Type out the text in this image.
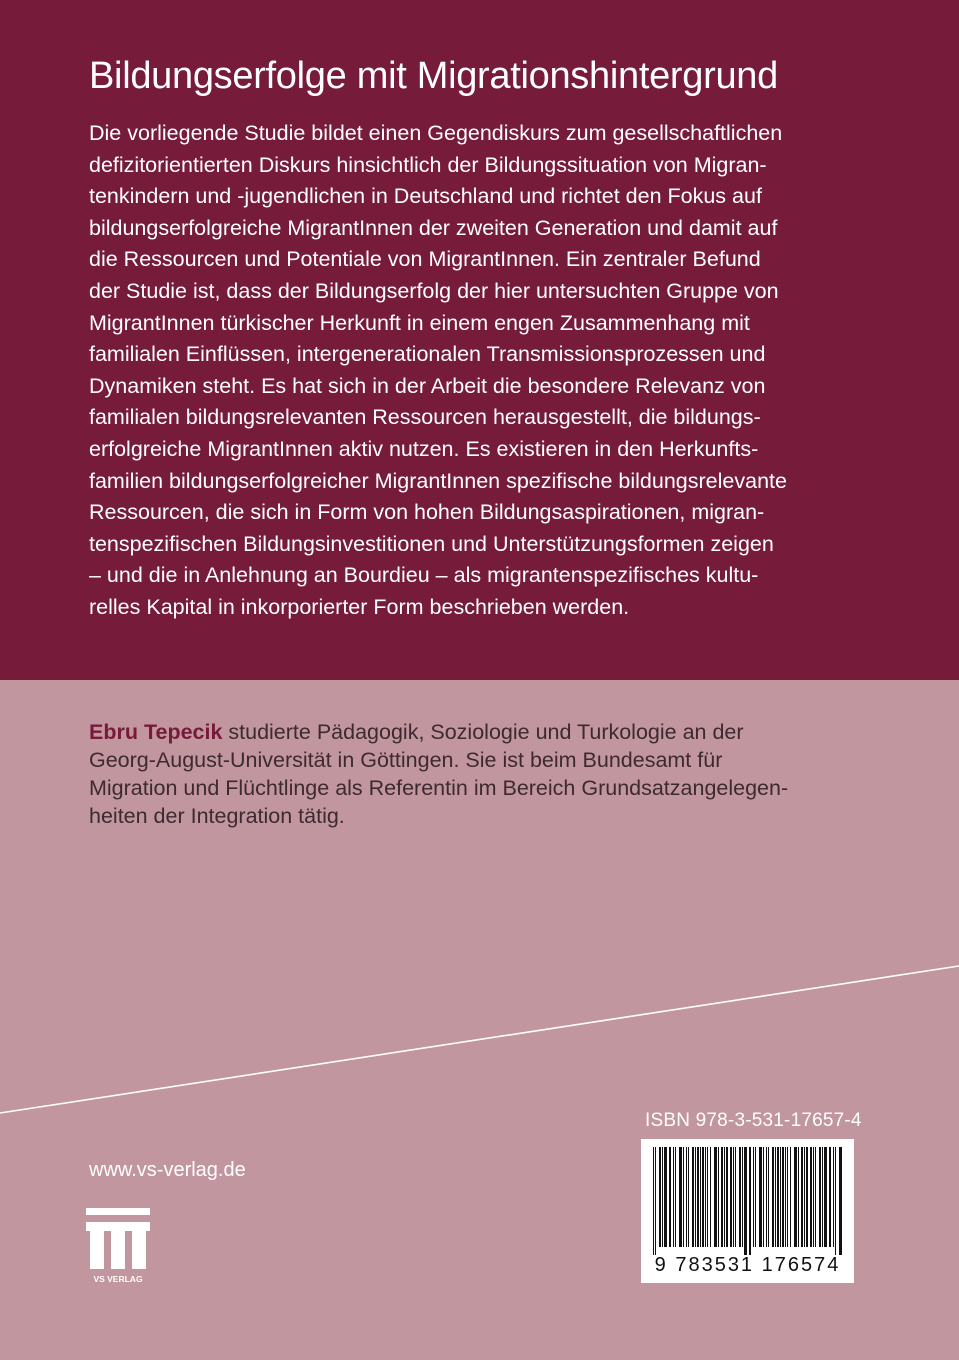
Bildungserfolge mit Migrationshintergrund
Die vorliegende Studie bildet einen Gegendiskurs zum gesellschaftlichen
defizitorientierten Diskurs hinsichtlich der Bildungssituation von Migran-
tenkindern und -jugendlichen in Deutschland und richtet den Fokus auf
bildungserfolgreiche MigrantInnen der zweiten Generation und damit auf
die Ressourcen und Potentiale von MigrantInnen. Ein zentraler Befund
der Studie ist, dass der Bildungserfolg der hier untersuchten Gruppe von
MigrantInnen türkischer Herkunft in einem engen Zusammenhang mit
familialen Einflüssen, intergenerationalen Transmissionsprozessen und
Dynamiken steht. Es hat sich in der Arbeit die besondere Relevanz von
familialen bildungsrelevanten Ressourcen herausgestellt, die bildungs-
erfolgreiche MigrantInnen aktiv nutzen. Es existieren in den Herkunfts-
familien bildungserfolgreicher MigrantInnen spezifische bildungsrelevante
Ressourcen, die sich in Form von hohen Bildungsaspirationen, migran-
tenspezifischen Bildungsinvestitionen und Unterstützungsformen zeigen
– und die in Anlehnung an Bourdieu – als migrantenspezifisches kultu-
relles Kapital in inkorporierter Form beschrieben werden.
Ebru Tepecik studierte Pädagogik, Soziologie und Turkologie an der
Georg-August-Universität in Göttingen. Sie ist beim Bundesamt für
Migration und Flüchtlinge als Referentin im Bereich Grundsatzangelegen-
heiten der Integration tätig.
ISBN 978-3-531-17657-4
9 783531 176574
www.vs-verlag.de
VS VERLAG
